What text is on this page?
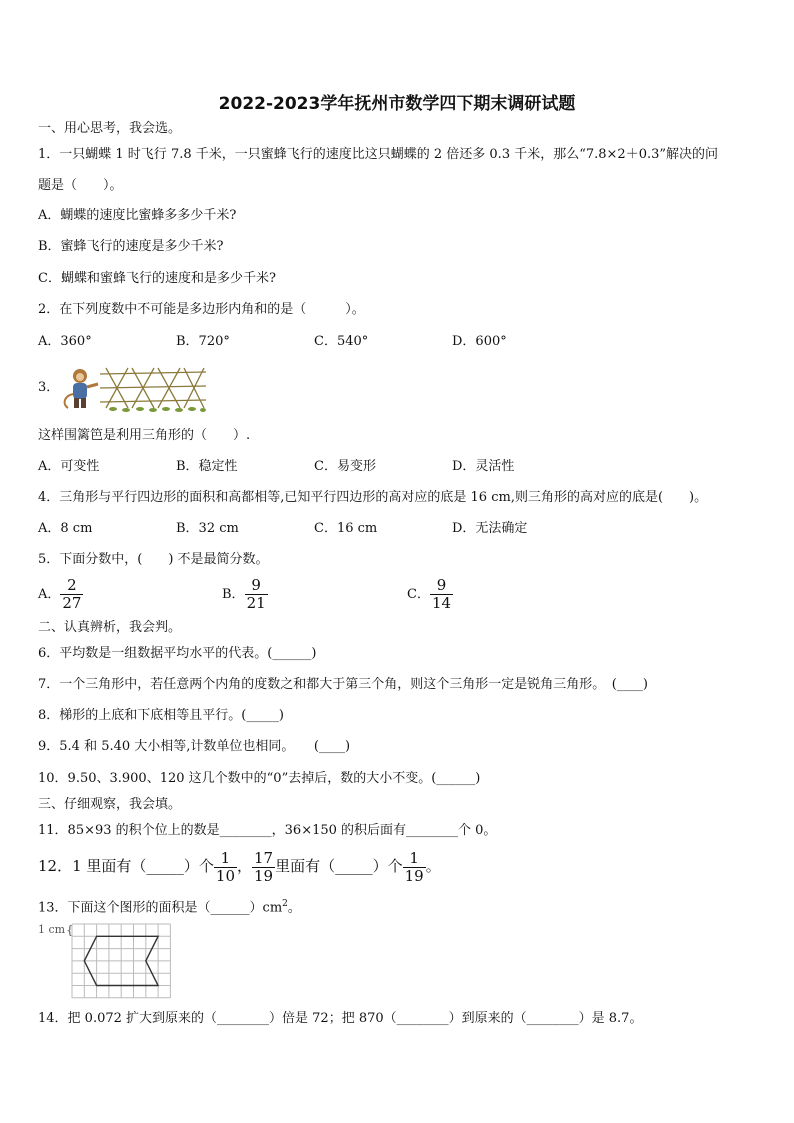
2022-2023学年抚州市数学四下期末调研试题
一、用心思考，我会选。
1．一只蝴蝶 1 时飞行 7.8 千米，一只蜜蜂飞行的速度比这只蝴蝶的 2 倍还多 0.3 千米，那么“7.8×2＋0.3”解决的问
题是（　　）。
A．蝴蝶的速度比蜜蜂多多少千米?
B．蜜蜂飞行的速度是多少千米?
C．蝴蝶和蜜蜂飞行的速度和是多少千米?
2．在下列度数中不可能是多边形内角和的是（　　　）。
A．360°	B．720°	C．540°	D．600°
3．
这样围篱笆是利用三角形的（　　）.
A．可变性	B．稳定性	C．易变形	D．灵活性
4．三角形与平行四边形的面积和高都相等,已知平行四边形的高对应的底是 16 cm,则三角形的高对应的底是(　　)。
A．8 cm	B．32 cm	C．16 cm	D．无法确定
5．下面分数中，(　　) 不是最简分数。
A． $\frac{2}{27}$	B． $\frac{9}{21}$	C． $\frac{9}{14}$
二、认真辨析，我会判。
6．平均数是一组数据平均水平的代表。(______)
7．一个三角形中，若任意两个内角的度数之和都大于第三个角，则这个三角形一定是锐角三角形。　(____)
8．梯形的上底和下底相等且平行。(_____)
9．5.4 和 5.40 大小相等,计数单位也相同。　　(____)
10．9.50、3.900、120 这几个数中的“0”去掉后，数的大小不变。(______)
三、仔细观察，我会填。
11．85×93 的积个位上的数是________，36×150 的积后面有________个 0。
12．1 里面有（_____）个 $\frac{1}{10}$ ， $\frac{17}{19}$ 里面有（_____）个 $\frac{1}{19}$ 。
13．下面这个图形的面积是$(\_\_\_\_\_\_)cm^2$。
1 cm {
14．把 0.072 扩大到原来的（________）倍是 72；把 870（________）到原来的（________）是 8.7。
